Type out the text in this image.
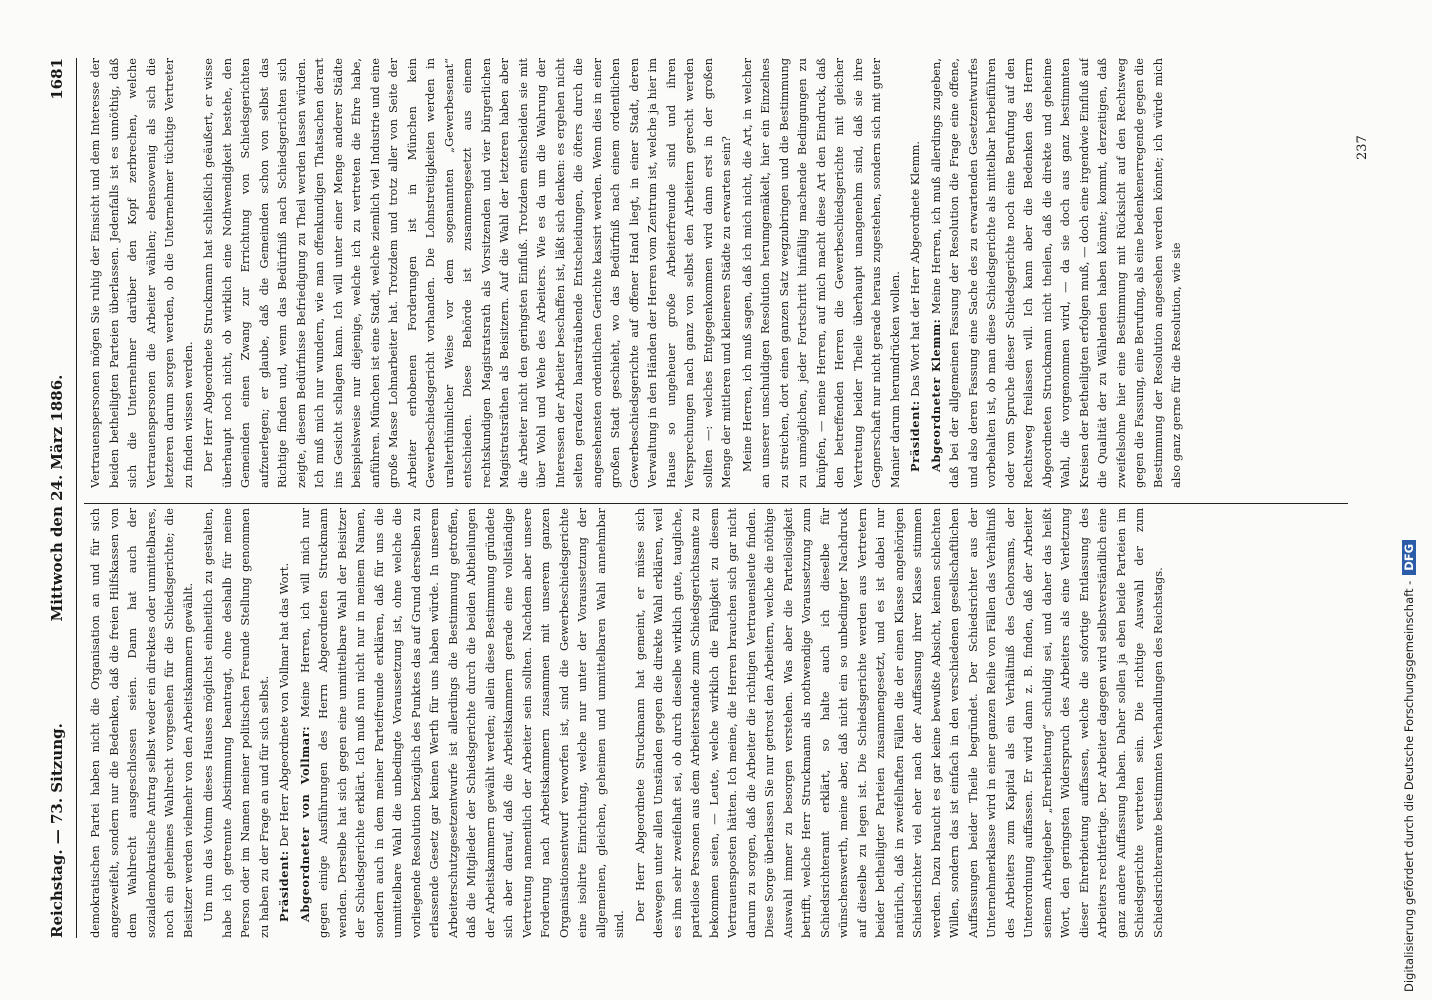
Reichstag. — 73. Sitzung.
Mittwoch den 24. März 1886.
1681

demokratischen Partei haben nicht die Organisation an und für sich angezweifelt, sondern nur die Bedenken, daß die freien Hilfskassen von dem Wahlrecht ausgeschlossen seien. Dann hat auch der sozialdemokratische Antrag selbst weder ein direktes oder unmittelbares, noch ein geheimes Wahlrecht vorgesehen für die Schiedsgerichte; die Beisitzer werden vielmehr von den Arbeitskammern gewählt. Um nun das Votum dieses Hauses möglichst einheitlich zu gestalten, habe ich getrennte Abstimmung beantragt, ohne deshalb für meine Person oder im Namen meiner politischen Freunde Stellung genommen zu haben zu der Frage an und für sich selbst. Präsident: Der Herr Abgeordnete von Vollmar hat das Wort. Abgeordneter von Vollmar: Meine Herren, ich will mich nur gegen einige Ausführungen des Herrn Abgeordneten Struckmann wenden. Derselbe hat sich gegen eine unmittelbare Wahl der Beisitzer der Schiedsgerichte erklärt. Ich muß nun nicht nur in meinem Namen, sondern auch in dem meiner Parteifreunde erklären, daß für uns die unmittelbare Wahl die unbedingte Voraussetzung ist, ohne welche die vorliegende Resolution bezüglich des Punktes das auf Grund derselben zu erlassende Gesetz gar keinen Werth für uns haben würde. In unserem Arbeiterschutzgesetzentwurfe ist allerdings die Bestimmung getroffen, daß die Mitglieder der Schiedsgerichte durch die beiden Abtheilungen der Arbeitskammern gewählt werden; allein diese Bestimmung gründete sich aber darauf, daß die Arbeitskammern gerade eine vollständige Vertretung namentlich der Arbeiter sein sollten. Nachdem aber unsere Forderung nach Arbeitskammern zusammen mit unserem ganzen Organisationsentwurf verworfen ist, sind die Gewerbeschiedsgerichte eine isolirte Einrichtung, welche nur unter der Voraussetzung der allgemeinen, gleichen, geheimen und unmittelbaren Wahl annehmbar sind.

Der Herr Abgeordnete Struckmann hat gemeint, er müsse sich deswegen unter allen Umständen gegen die direkte Wahl erklären, weil es ihm sehr zweifelhaft sei, ob durch dieselbe wirklich gute, taugliche, parteilose Personen aus dem Arbeiterstande zum Schiedsgerichtsamte zu bekommen seien, — Leute, welche wirklich die Fähigkeit zu diesem Vertrauensposten hätten. Ich meine, die Herren brauchen sich gar nicht darum zu sorgen, daß die Arbeiter die richtigen Vertrauensleute finden. Diese Sorge überlassen Sie nur getrost den Arbeitern, welche die nöthige Auswahl immer zu besorgen verstehen. Was aber die Parteilosigkeit betrifft, welche Herr Struckmann als nothwendige Voraussetzung zum Schiedsrichteramt erklärt, so halte auch ich dieselbe für wünschenswerth, meine aber, daß nicht ein so unbedingter Nachdruck auf dieselbe zu legen ist. Die Schiedsgerichte werden aus Vertretern beider betheiligter Parteien zusammengesetzt, und es ist dabei nur natürlich, daß in zweifelhaften Fällen die der einen Klasse angehörigen Schiedsrichter viel eher nach der Auffassung ihrer Klasse stimmen werden. Dazu braucht es gar keine bewußte Absicht, keinen schlechten Willen, sondern das ist einfach in den verschiedenen gesellschaftlichen Auffassungen beider Theile begründet. Der Schiedsrichter aus der Unternehmerklasse wird in einer ganzen Reihe von Fällen das Verhältniß des Arbeiters zum Kapital als ein Verhältniß des Gehorsams, der Unterordnung auffassen. Er wird dann z. B. finden, daß der Arbeiter seinem Arbeitgeber „Ehrerbietung“ schuldig sei, und daher das heißt Wort, den geringsten Widerspruch des Arbeiters als eine Verletzung dieser Ehrerbietung auffassen, welche die sofortige Entlassung des Arbeiters rechtfertige. Der Arbeiter dagegen wird selbstverständlich eine ganz andere Auffassung haben. Daher sollen ja eben beide Parteien im Schiedsgerichte vertreten sein. Die richtige Auswahl der zum Schiedsrichteramte bestimmten Verhandlungen des Reichstags.

Vertrauenspersonen mögen Sie ruhig der Einsicht und dem Interesse der beiden betheiligten Parteien überlassen. Jedenfalls ist es unnöthig, daß sich die Unternehmer darüber den Kopf zerbrechen, welche Vertrauenspersonen die Arbeiter wählen; ebensowenig als sich die letzteren darum sorgen werden, ob die Unternehmer tüchtige Vertreter zu finden wissen werden. Der Herr Abgeordnete Struckmann hat schließlich geäußert, er wisse überhaupt noch nicht, ob wirklich eine Nothwendigkeit bestehe, den Gemeinden einen Zwang zur Errichtung von Schiedsgerichten aufzuerlegen; er glaube, daß die Gemeinden schon von selbst das Richtige finden und, wenn das Bedürfniß nach Schiedsgerichten sich zeigte, diesem Bedürfnisse Befriedigung zu Theil werden lassen würden. Ich muß mich nur wundern, wie man offenkundigen Thatsachen derart ins Gesicht schlagen kann. Ich will unter einer Menge anderer Städte beispielsweise nur diejenige, welche ich zu vertreten die Ehre habe, anführen. München ist eine Stadt, welche ziemlich viel Industrie und eine große Masse Lohnarbeiter hat. Trotzdem und trotz aller von Seite der Arbeiter erhobenen Forderungen ist in München kein Gewerbeschiedsgericht vorhanden. Die Lohnstreitigkeiten werden in uralterthümlicher Weise vor dem sogenannten „Gewerbesenat“ entschieden. Diese Behörde ist zusammengesetzt aus einem rechtskundigen Magistratsrath als Vorsitzenden und vier bürgerlichen Magistratsräthen als Beisitzern. Auf die Wahl der letzteren haben aber die Arbeiter nicht den geringsten Einfluß. Trotzdem entscheiden sie mit über Wohl und Wehe des Arbeiters. Wie es da um die Wahrung der Interessen der Arbeiter beschaffen ist, läßt sich denken: es ergehen nicht selten geradezu haarsträubende Entscheidungen, die öfters durch die angesehensten ordentlichen Gerichte kassirt werden. Wenn dies in einer großen Stadt geschieht, wo das Bedürfniß nach einem ordentlichen Gewerbeschiedsgerichte auf offener Hand liegt, in einer Stadt, deren Verwaltung in den Händen der Herren vom Zentrum ist, welche ja hier im Hause so ungeheuer große Arbeiterfreunde sind und ihren Versprechungen nach ganz von selbst den Arbeitern gerecht werden sollten —: welches Entgegenkommen wird dann erst in der großen Menge der mittleren und kleineren Städte zu erwarten sein? Meine Herren, ich muß sagen, daß ich mich nicht, die Art, in welcher an unserer unschuldigen Resolution herumgemäkelt, hier ein Einzelnes zu streichen, dort einen ganzen Satz wegzubringen und die Bestimmung zu unmöglichen, jeder Fortschritt hinfällig machende Bedingungen zu knüpfen, — meine Herren, auf mich macht diese Art den Eindruck, daß den betreffenden Herren die Gewerbeschiedsgerichte mit gleicher Vertretung beider Theile überhaupt unangenehm sind, daß sie ihre Gegnerschaft nur nicht gerade heraus zugestehen, sondern sich mit guter Manier darum herumdrücken wollen. Präsident: Das Wort hat der Herr Abgeordnete Klemm. Abgeordneter Klemm: Meine Herren, ich muß allerdings zugeben, daß bei der allgemeinen Fassung der Resolution die Frage eine offene, und also deren Fassung eine Sache des zu erwartenden Gesetzentwurfes vorbehalten ist, ob man diese Schiedsgerichte als mittelbar herbeiführen oder vom Spruche dieser Schiedsgerichte noch eine Berufung auf den Rechtsweg freilassen will. Ich kann aber die Bedenken des Herrn Abgeordneten Struckmann nicht theilen, daß die direkte und geheime Wahl, die vorgenommen wird, — da sie doch aus ganz bestimmten Kreisen der Betheiligten erfolgen muß, — doch eine irgendwie Einfluß auf die Qualität der zu Wählenden haben könnte; kommt, derzeitigen, daß zweifelsohne hier eine Bestimmung mit Rücksicht auf den Rechtsweg gegen die Fassung, eine Berufung, als eine bedenkenerregende gegen die Bestimmung der Resolution angesehen werden könnte; ich würde mich also ganz gerne für die Resolution, wie sie

237
Digitalisierung gefördert durch die Deutsche Forschungsgemeinschaft -DFG
